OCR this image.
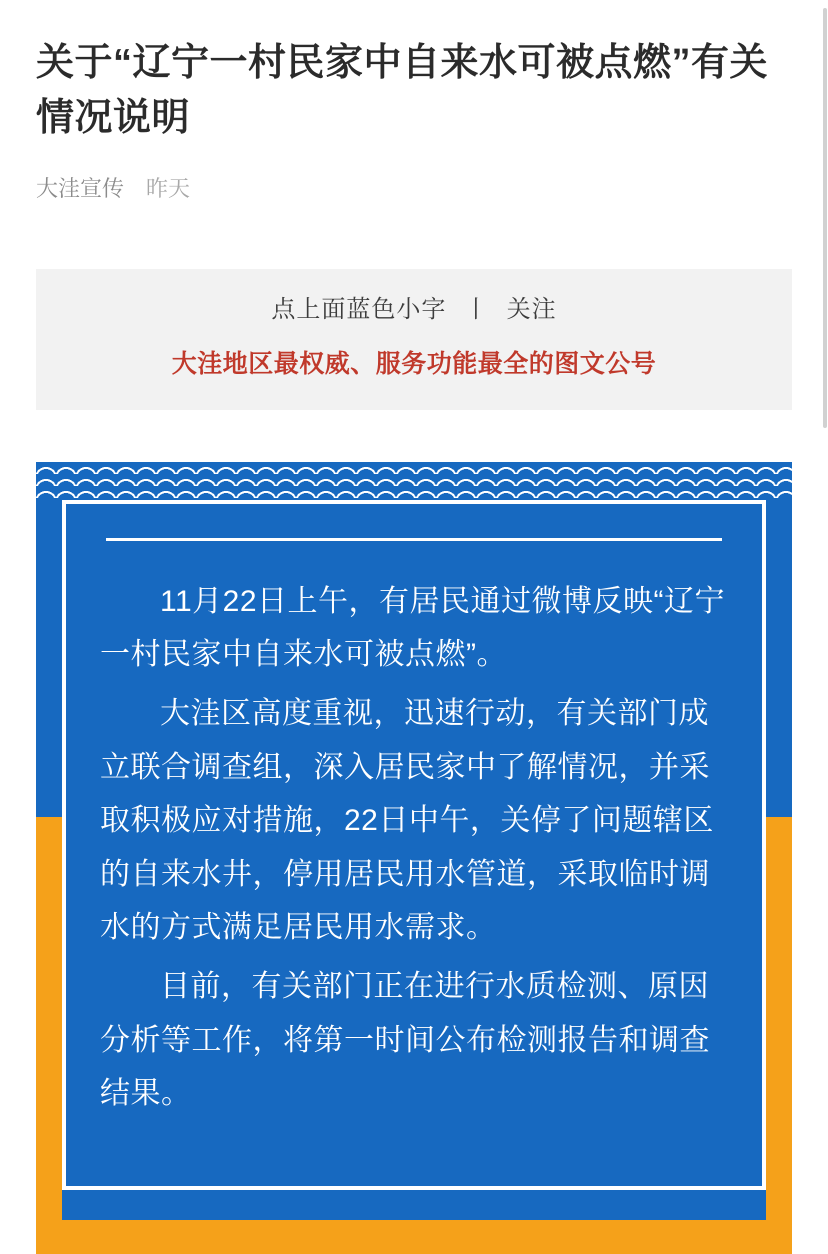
关于“辽宁一村民家中自来水可被点燃”有关情况说明
大洼宣传 昨天
点上面蓝色小字 丨 关注
大洼地区最权威、服务功能最全的图文公号

11月22日上午，有居民通过微博反映“辽宁一村民家中自来水可被点燃”。

大洼区高度重视，迅速行动，有关部门成立联合调查组，深入居民家中了解情况，并采取积极应对措施，22日中午，关停了问题辖区的自来水井，停用居民用水管道，采取临时调水的方式满足居民用水需求。

目前，有关部门正在进行水质检测、原因分析等工作，将第一时间公布检测报告和调查结果。
